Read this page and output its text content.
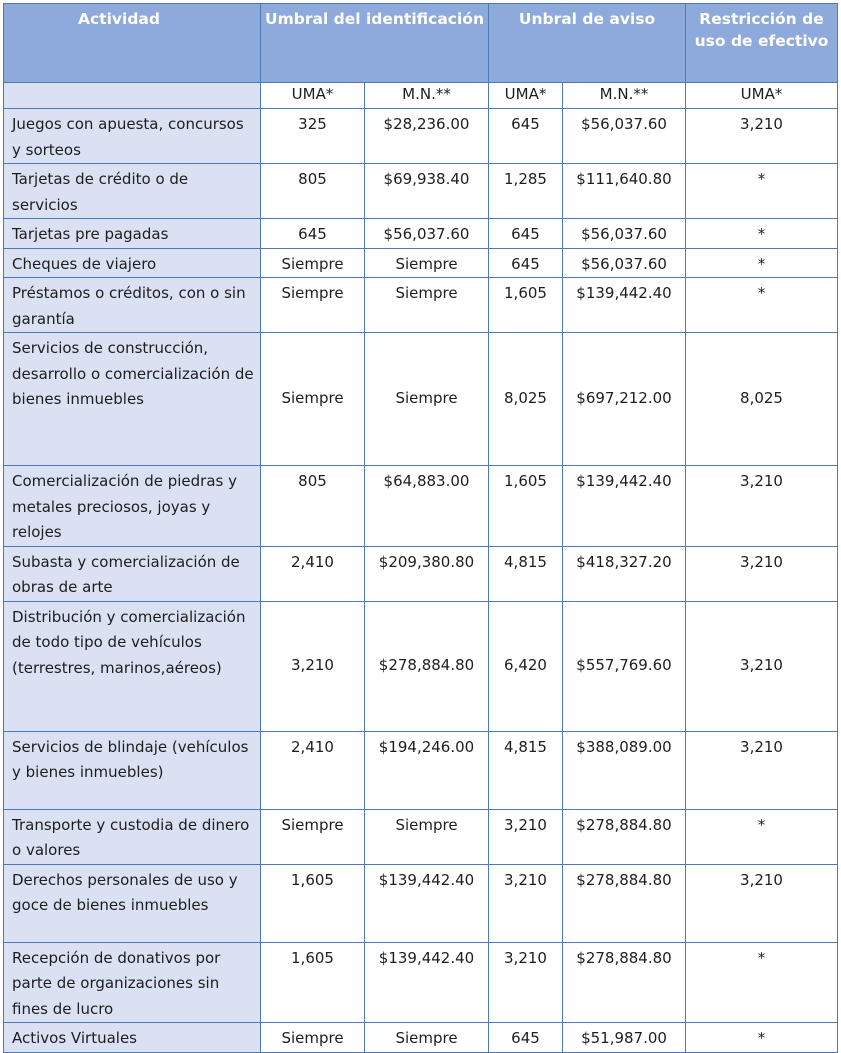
Actividad	Umbral del identificación		Unbral de aviso		Restricción de uso de efectivo
	UMA*	M.N.**	UMA*	M.N.**	UMA*
Juegos con apuesta, concursos y sorteos	325	$28,236.00	645	$56,037.60	3,210
Tarjetas de crédito o de servicios	805	$69,938.40	1,285	$111,640.80	*
Tarjetas pre pagadas	645	$56,037.60	645	$56,037.60	*
Cheques de viajero	Siempre	Siempre	645	$56,037.60	*
Préstamos o créditos, con o sin garantía	Siempre	Siempre	1,605	$139,442.40	*
Servicios de construcción, desarrollo o comercialización de bienes inmuebles	Siempre	Siempre	8,025	$697,212.00	8,025
Comercialización de piedras y metales preciosos, joyas y relojes	805	$64,883.00	1,605	$139,442.40	3,210
Subasta y comercialización de obras de arte	2,410	$209,380.80	4,815	$418,327.20	3,210
Distribución y comercialización de todo tipo de vehículos (terrestres, marinos,aéreos)	3,210	$278,884.80	6,420	$557,769.60	3,210
Servicios de blindaje (vehículos y bienes inmuebles)	2,410	$194,246.00	4,815	$388,089.00	3,210
Transporte y custodia de dinero o valores	Siempre	Siempre	3,210	$278,884.80	*
Derechos personales de uso y goce de bienes inmuebles	1,605	$139,442.40	3,210	$278,884.80	3,210
Recepción de donativos por parte de organizaciones sin fines de lucro	1,605	$139,442.40	3,210	$278,884.80	*
Activos Virtuales	Siempre	Siempre	645	$51,987.00	*
